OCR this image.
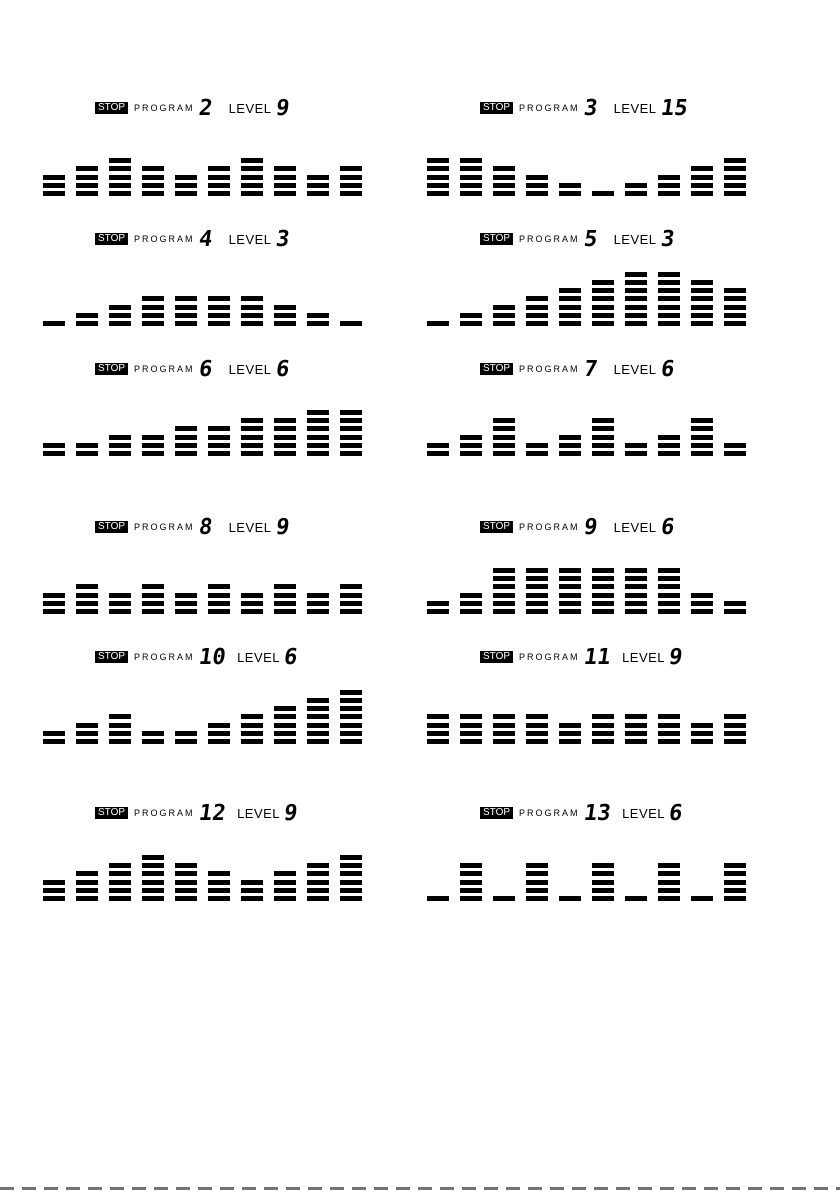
STOP	PROGRAM 2	LEVEL 9	STOP	PROGRAM 3	LEVEL 15
STOP	PROGRAM 4	LEVEL 3	STOP	PROGRAM 5	LEVEL 3
STOP	PROGRAM 6	LEVEL 6	STOP	PROGRAM 7	LEVEL 6
STOP	PROGRAM 8	LEVEL 9	STOP	PROGRAM 9	LEVEL 6
STOP	PROGRAM 10 LEVEL 6	STOP	PROGRAM 11 LEVEL 9
STOP	PROGRAM 12 LEVEL 9	STOP	PROGRAM 13 LEVEL 6
